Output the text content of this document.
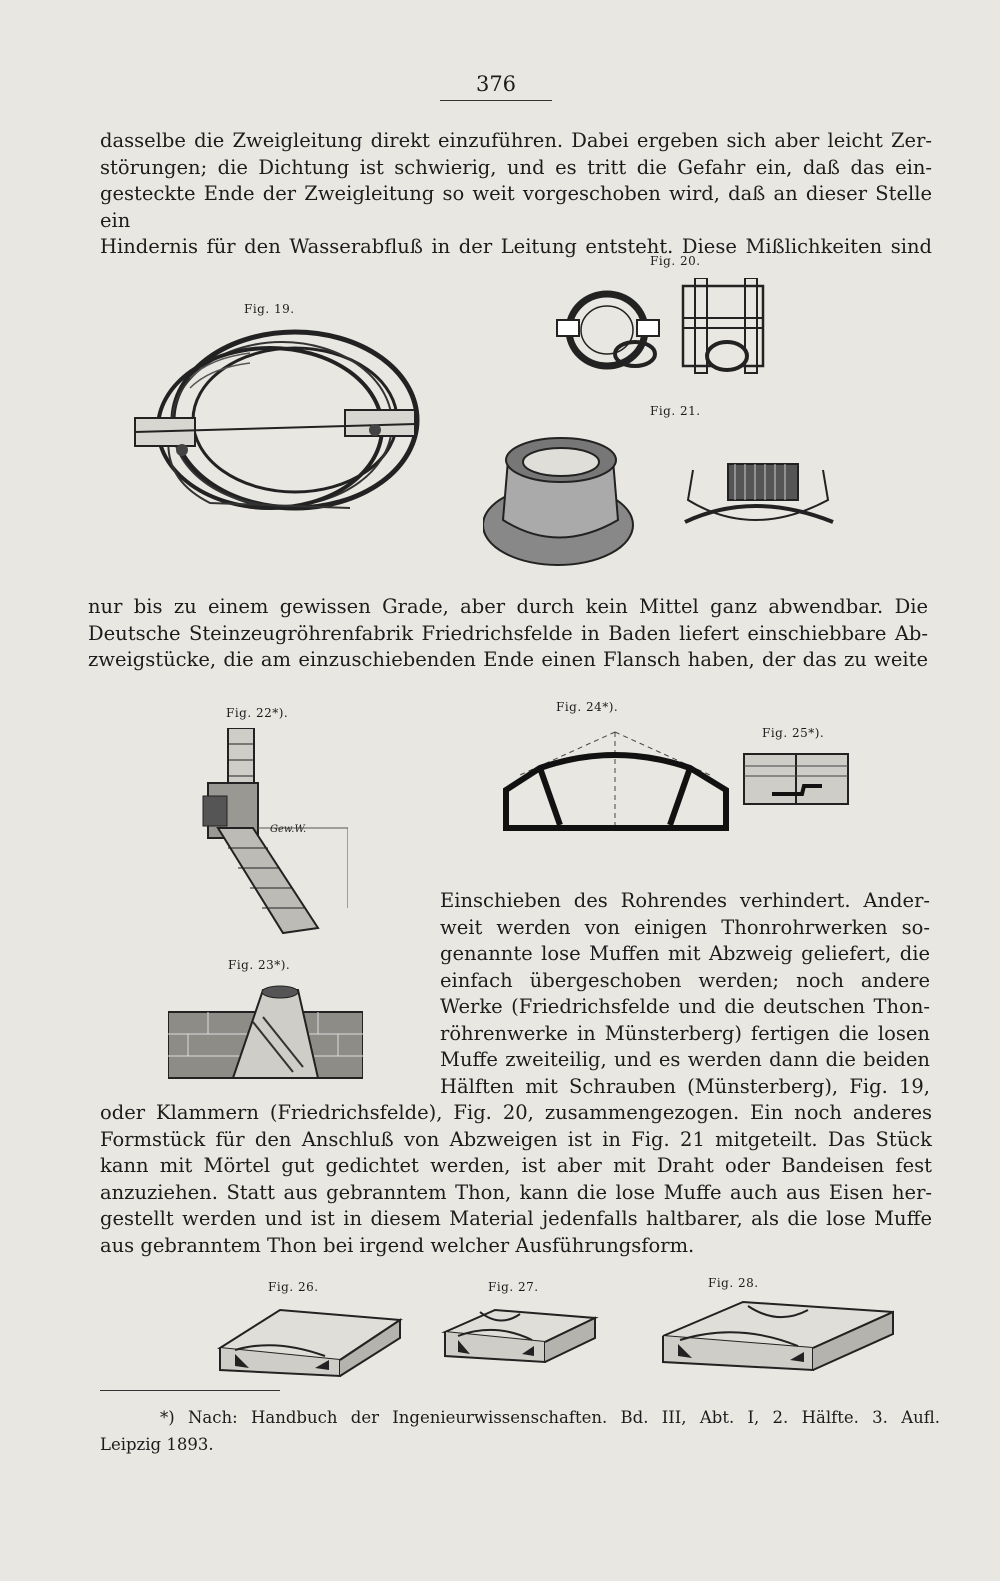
376
dasselbe die Zweigleitung direkt einzuführen. Dabei ergeben sich aber leicht Zer-
störungen; die Dichtung ist schwierig, und es tritt die Gefahr ein, daß das ein-
gesteckte Ende der Zweigleitung so weit vorgeschoben wird, daß an dieser Stelle ein
Hindernis für den Wasserabfluß in der Leitung entsteht. Diese Mißlichkeiten sind
Fig. 19.
Fig. 20.
Fig. 21.
nur bis zu einem gewissen Grade, aber durch kein Mittel ganz abwendbar. Die
Deutsche Steinzeugröhrenfabrik Friedrichsfelde in Baden liefert einschiebbare Ab-
zweigstücke, die am einzuschiebenden Ende einen Flansch haben, der das zu weite
Fig. 22*).
Gew.W.
Fig. 24*).
Fig. 25*).
Fig. 23*).
Einschieben des Rohrendes verhindert. Ander-
weit werden von einigen Thonrohrwerken so-
genannte lose Muffen mit Abzweig geliefert, die
einfach übergeschoben werden; noch andere
Werke (Friedrichsfelde und die deutschen Thon-
röhrenwerke in Münsterberg) fertigen die losen
Muffe zweiteilig, und es werden dann die beiden
Hälften mit Schrauben (Münsterberg), Fig. 19,
oder Klammern (Friedrichsfelde), Fig. 20, zusammengezogen. Ein noch anderes
Formstück für den Anschluß von Abzweigen ist in Fig. 21 mitgeteilt. Das Stück
kann mit Mörtel gut gedichtet werden, ist aber mit Draht oder Bandeisen fest
anzuziehen. Statt aus gebranntem Thon, kann die lose Muffe auch aus Eisen her-
gestellt werden und ist in diesem Material jedenfalls haltbarer, als die lose Muffe
aus gebranntem Thon bei irgend welcher Ausführungsform.
Fig. 26.	Fig. 27.	Fig. 28.
*) Nach: Handbuch der Ingenieurwissenschaften. Bd. III, Abt. I, 2. Hälfte. 3. Aufl.
Leipzig 1893.
